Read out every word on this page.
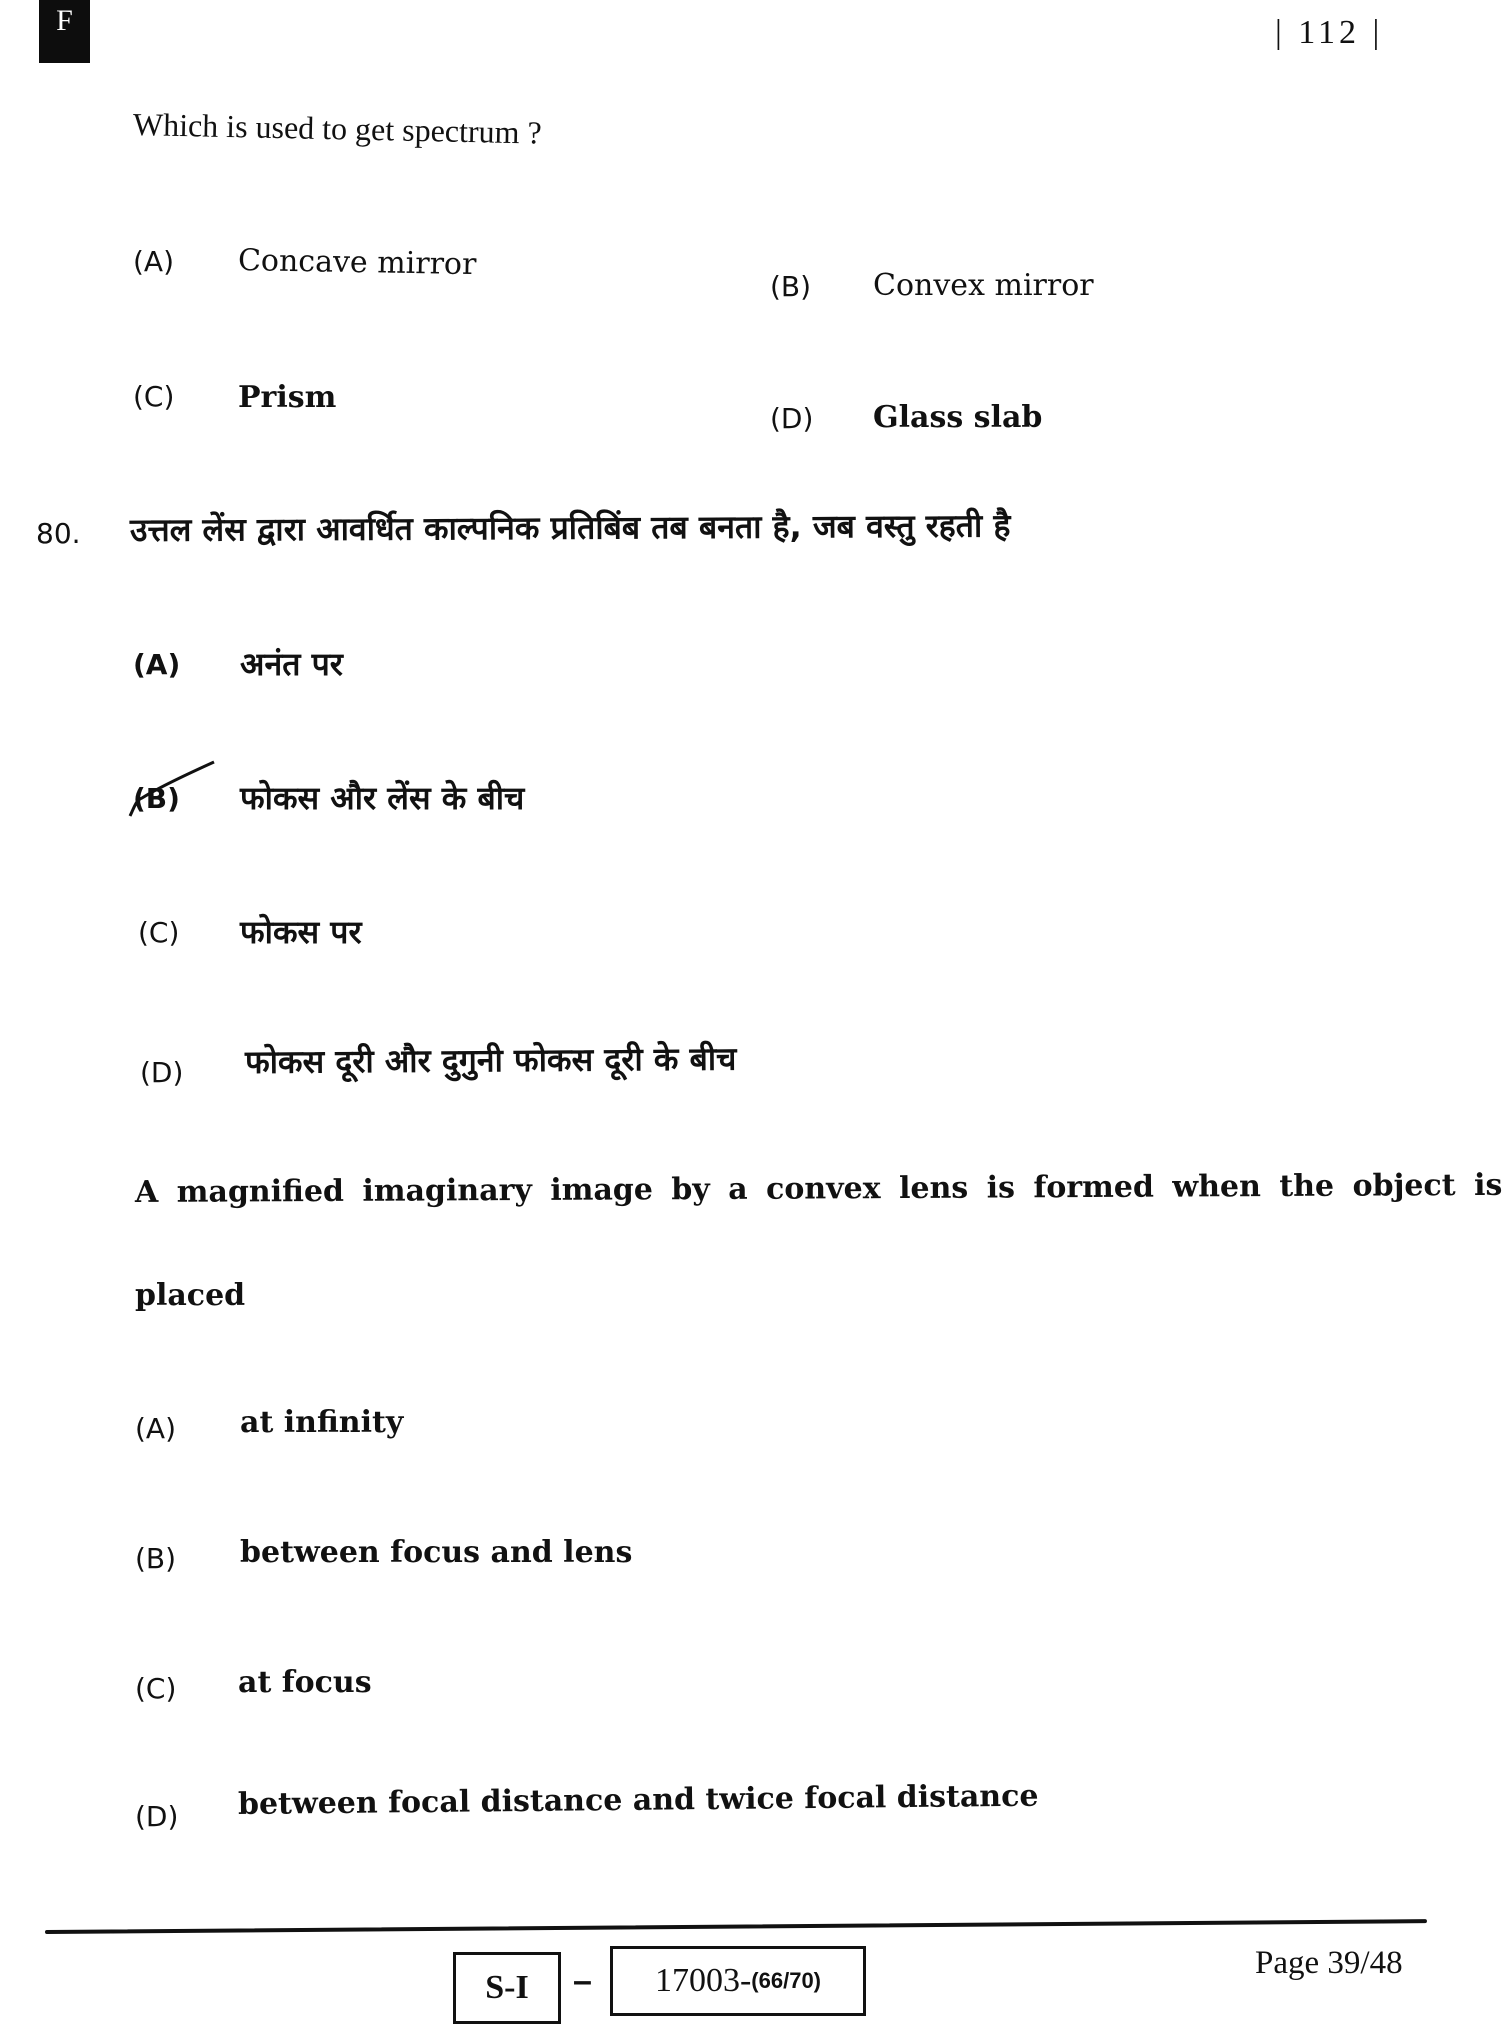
F	| 112 |
Which is used to get spectrum ?
(A) Concave mirror
(B) Convex mirror
(C) Prism
(D) Glass slab
80. उत्तल लेंस द्वारा आवर्धित काल्पनिक प्रतिबिंब तब बनता है, जब वस्तु रहती है
(A) अनंत पर
(B) फोकस और लेंस के बीच
(C) फोकस पर
(D) फोकस दूरी और दुगुनी फोकस दूरी के बीच
A magnified imaginary image by a convex lens is formed when the object is
placed
(A) at infinity
(B) between focus and lens
(C) at focus
(D) between focal distance and twice focal distance
S-I – 17003- (66/70)	Page 39/48
